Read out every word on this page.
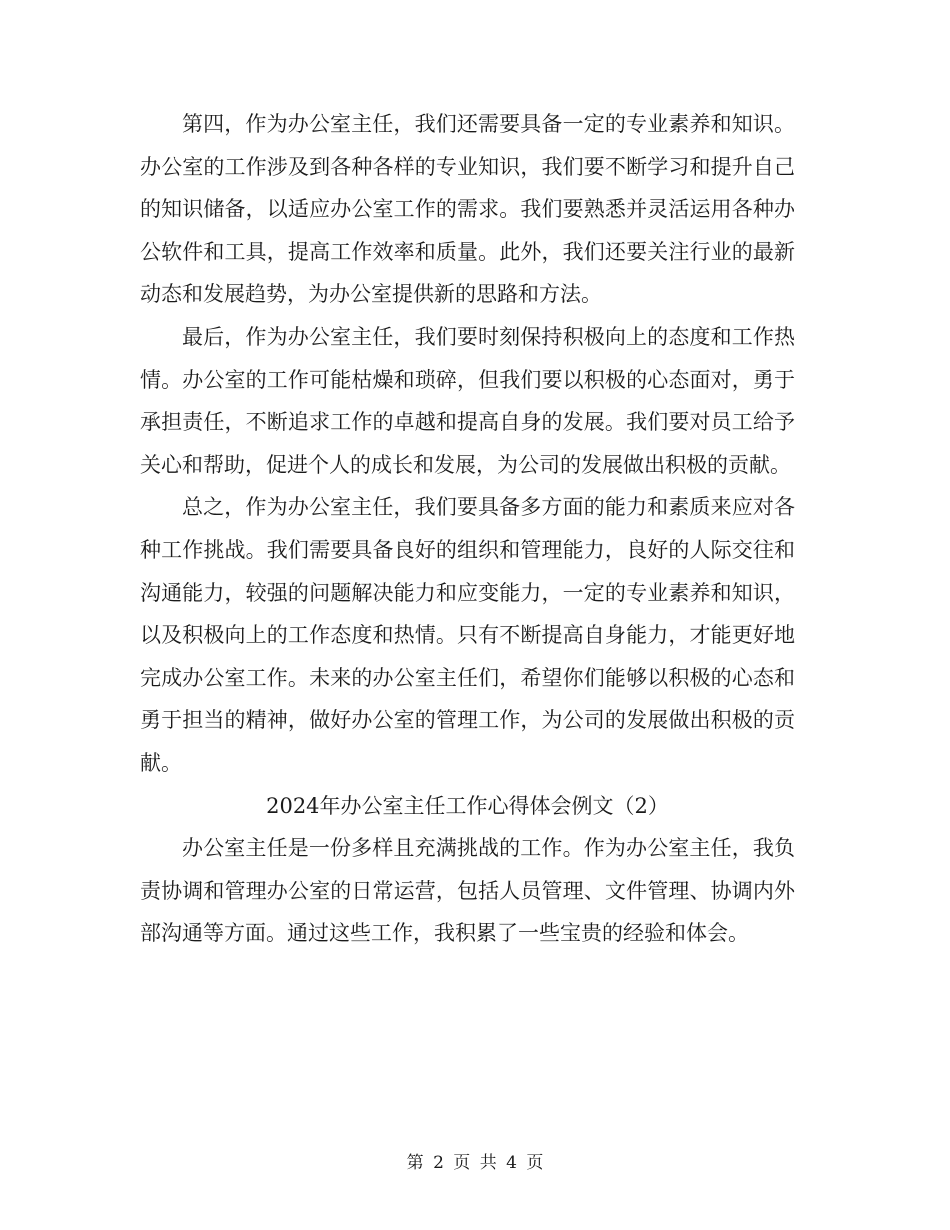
第四，作为办公室主任，我们还需要具备一定的专业素养和知识。办公室的工作涉及到各种各样的专业知识，我们要不断学习和提升自己的知识储备，以适应办公室工作的需求。我们要熟悉并灵活运用各种办公软件和工具，提高工作效率和质量。此外，我们还要关注行业的最新动态和发展趋势，为办公室提供新的思路和方法。

最后，作为办公室主任，我们要时刻保持积极向上的态度和工作热情。办公室的工作可能枯燥和琐碎，但我们要以积极的心态面对，勇于承担责任，不断追求工作的卓越和提高自身的发展。我们要对员工给予关心和帮助，促进个人的成长和发展，为公司的发展做出积极的贡献。

总之，作为办公室主任，我们要具备多方面的能力和素质来应对各种工作挑战。我们需要具备良好的组织和管理能力，良好的人际交往和沟通能力，较强的问题解决能力和应变能力，一定的专业素养和知识，以及积极向上的工作态度和热情。只有不断提高自身能力，才能更好地完成办公室工作。未来的办公室主任们，希望你们能够以积极的心态和勇于担当的精神，做好办公室的管理工作，为公司的发展做出积极的贡献。

2024年办公室主任工作心得体会例文（2）

办公室主任是一份多样且充满挑战的工作。作为办公室主任，我负责协调和管理办公室的日常运营，包括人员管理、文件管理、协调内外部沟通等方面。通过这些工作，我积累了一些宝贵的经验和体会。

第 2 页 共 4 页
